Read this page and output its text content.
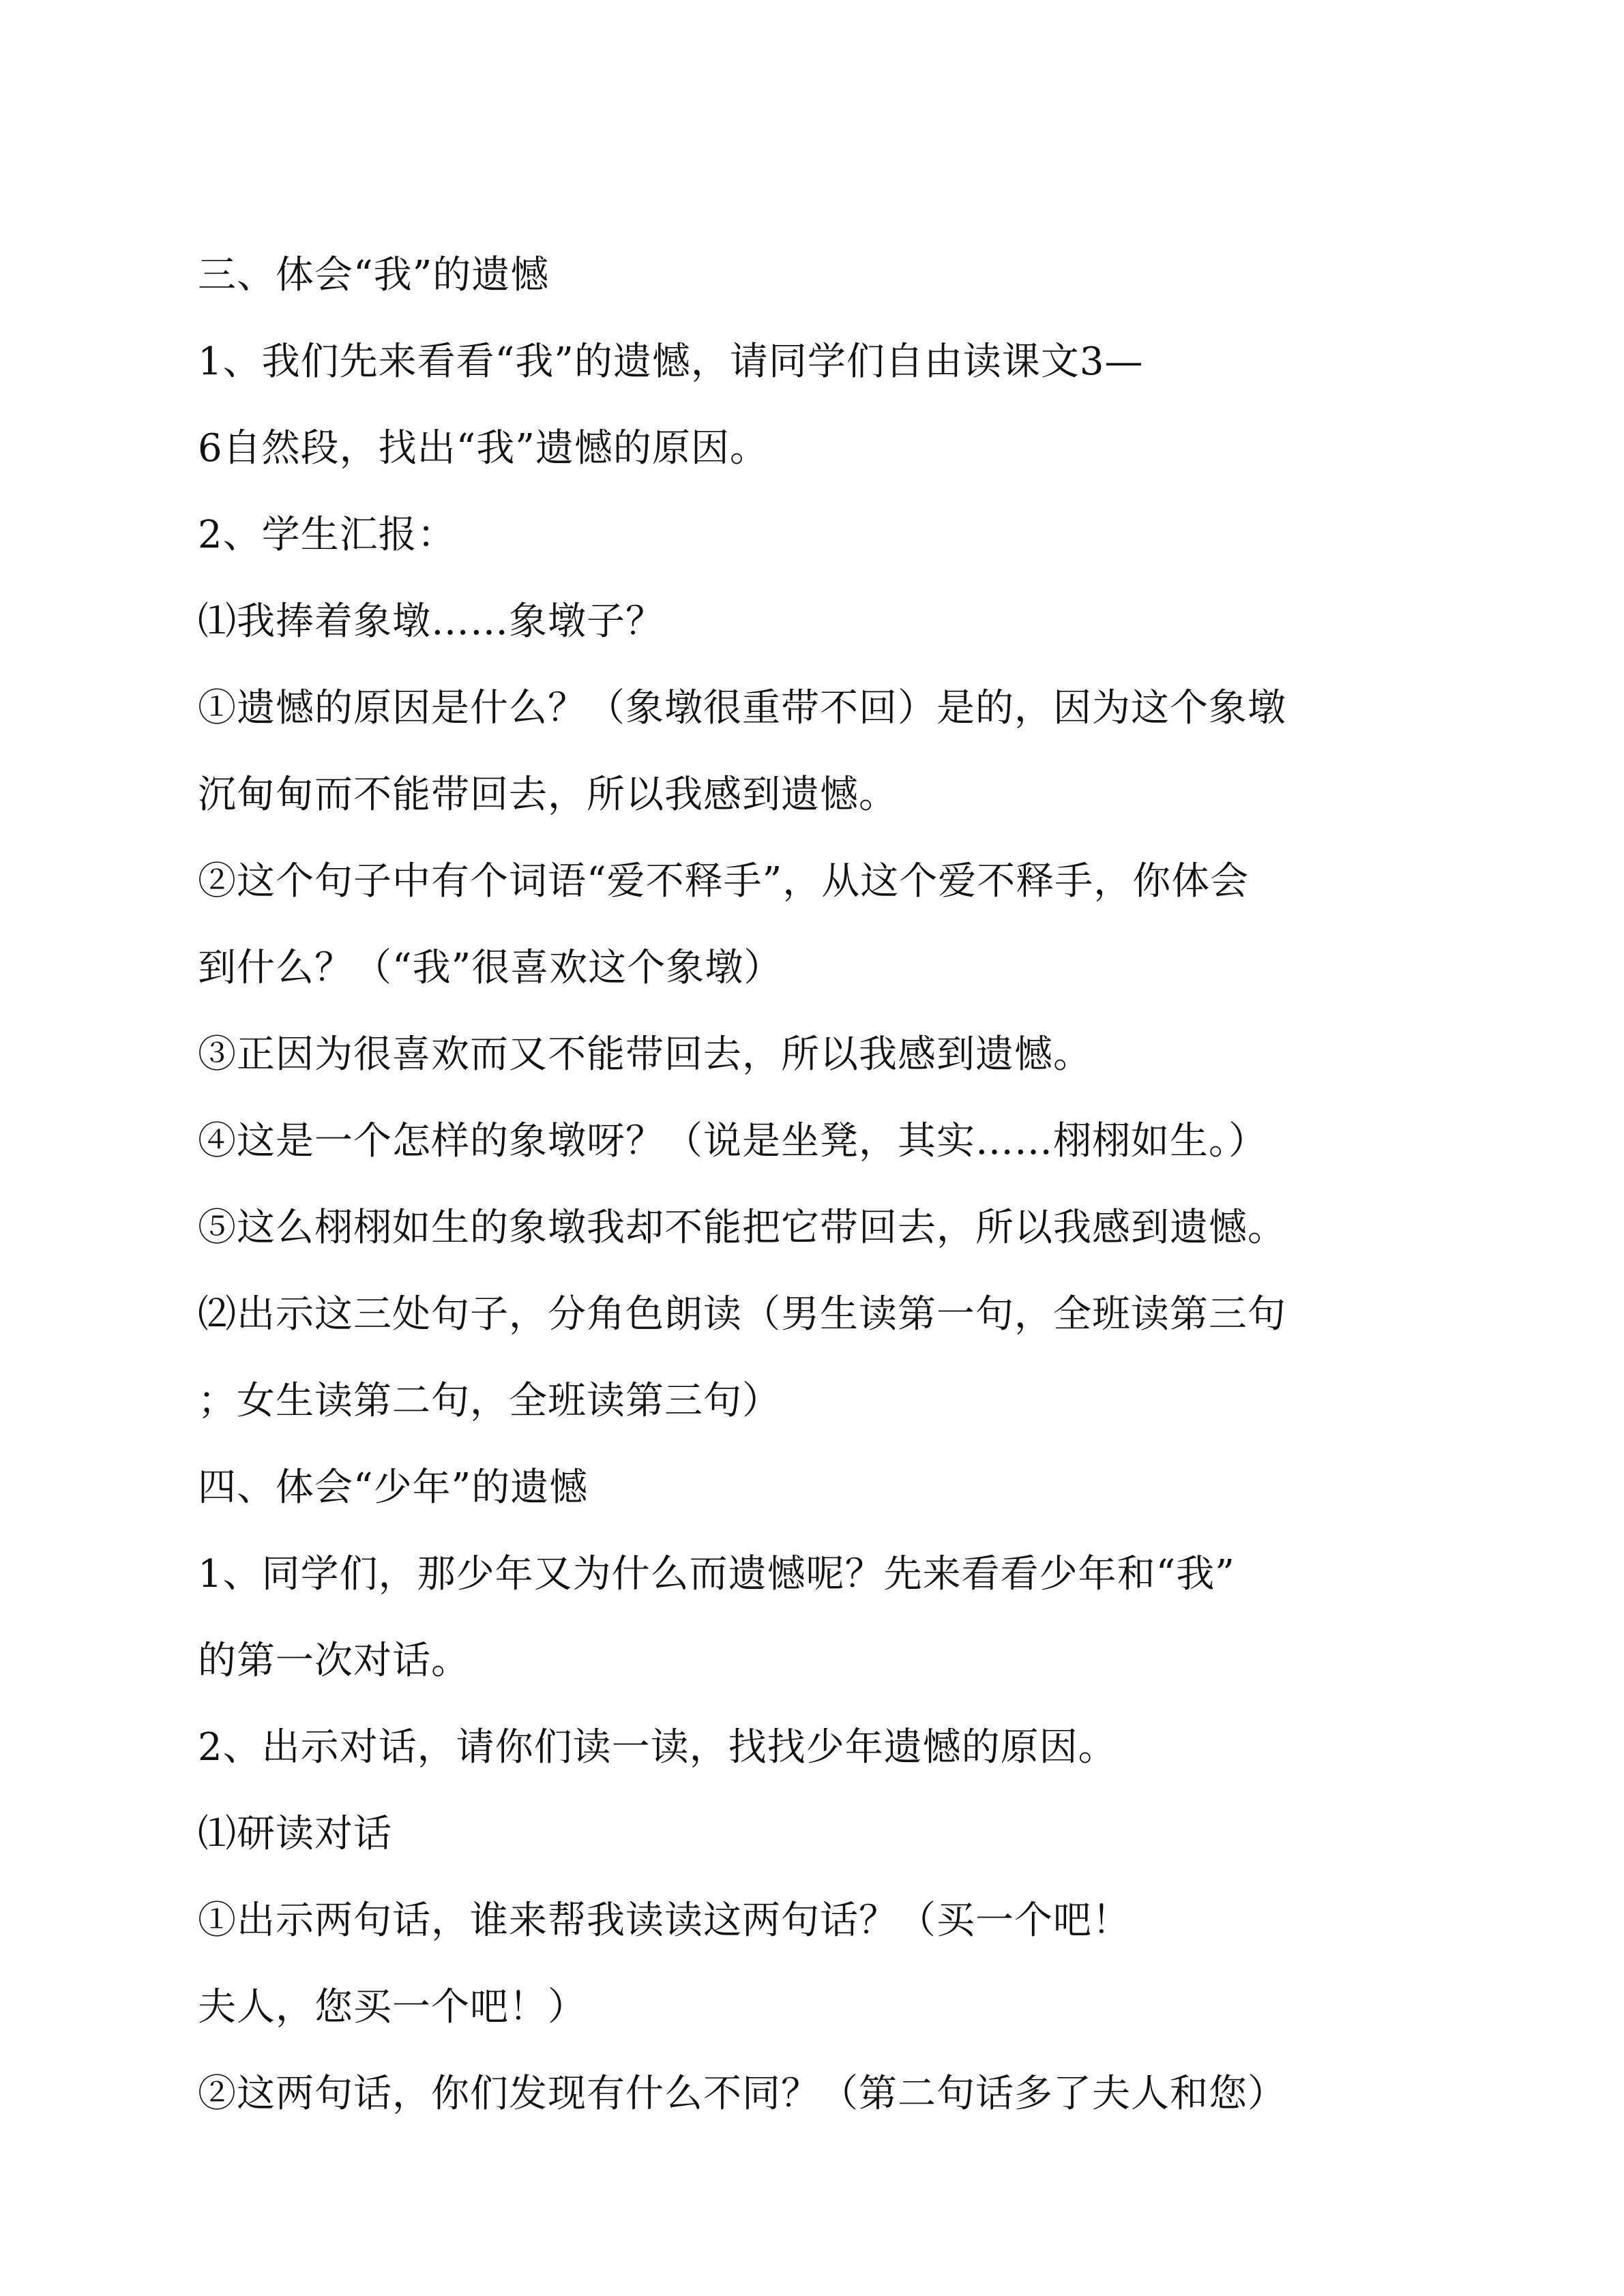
三、体会“我”的遗憾
1、我们先来看看“我”的遗憾，请同学们自由读课文3—
6自然段，找出“我”遗憾的原因。
2、学生汇报：
⑴我捧着象墩……象墩子？
①遗憾的原因是什么？（象墩很重带不回）是的，因为这个象墩
沉甸甸而不能带回去，所以我感到遗憾。
②这个句子中有个词语“爱不释手”，从这个爱不释手，你体会
到什么？（“我”很喜欢这个象墩）
③正因为很喜欢而又不能带回去，所以我感到遗憾。
④这是一个怎样的象墩呀？（说是坐凳，其实……栩栩如生。）
⑤这么栩栩如生的象墩我却不能把它带回去，所以我感到遗憾。
⑵出示这三处句子，分角色朗读（男生读第一句，全班读第三句
；女生读第二句，全班读第三句）
四、体会“少年”的遗憾
1、同学们，那少年又为什么而遗憾呢？先来看看少年和“我”
的第一次对话。
2、出示对话，请你们读一读，找找少年遗憾的原因。
⑴研读对话
①出示两句话，谁来帮我读读这两句话？（买一个吧！
夫人，您买一个吧！）
②这两句话，你们发现有什么不同？（第二句话多了夫人和您）
